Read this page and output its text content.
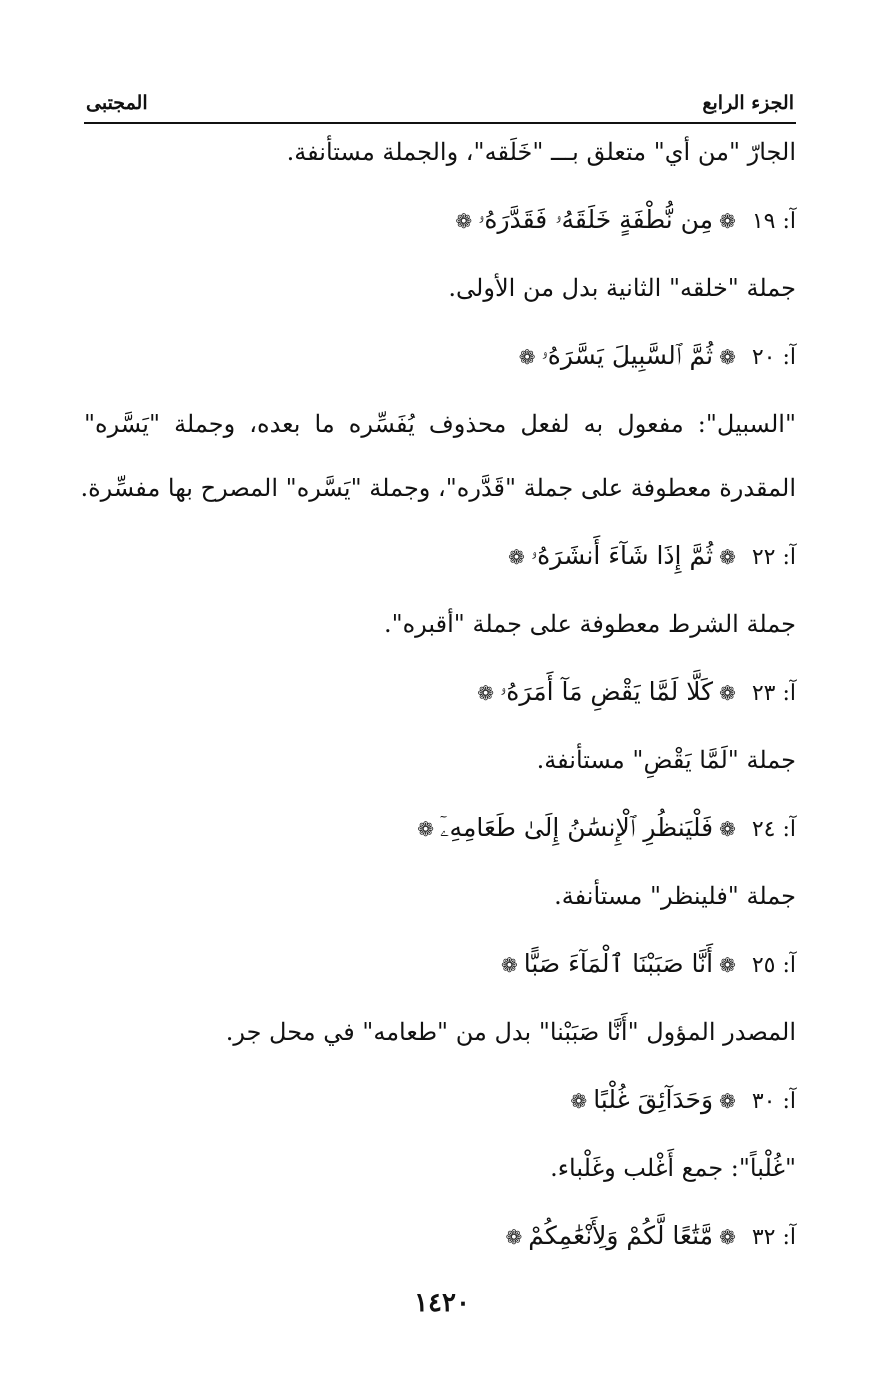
الجزء الرابع
المجتبى
الجارّ "من أي" متعلق بـــ "خَلَقه"، والجملة مستأنفة.
آ: ١٩❁مِن نُّطْفَةٍ خَلَقَهُۥ فَقَدَّرَهُۥ❁
جملة "خلقه" الثانية بدل من الأولى.
آ: ٢٠❁ثُمَّ ٱلسَّبِيلَ يَسَّرَهُۥ❁
"السبيل": مفعول به لفعل محذوف يُفَسِّره ما بعده، وجملة "يَسَّره"
المقدرة معطوفة على جملة "قَدَّره"، وجملة "يَسَّره" المصرح بها مفسِّرة.
آ: ٢٢❁ثُمَّ إِذَا شَآءَ أَنشَرَهُۥ❁
جملة الشرط معطوفة على جملة "أقبره".
آ: ٢٣❁كَلَّا لَمَّا يَقْضِ مَآ أَمَرَهُۥ❁
جملة "لَمَّا يَقْضِ" مستأنفة.
آ: ٢٤❁فَلْيَنظُرِ ٱلْإِنسَٰنُ إِلَىٰ طَعَامِهِۦٓ❁
جملة "فلينظر" مستأنفة.
آ: ٢٥❁أَنَّا صَبَبْنَا ٱلْمَآءَ صَبًّا❁
المصدر المؤول "أَنَّا صَبَبْنا" بدل من "طعامه" في محل جر.
آ: ٣٠❁وَحَدَآئِقَ غُلْبًا❁
"غُلْباً": جمع أَغْلب وغَلْباء.
آ: ٣٢❁مَّتَٰعًا لَّكُمْ وَلِأَنْعَٰمِكُمْ❁
١٤٢٠
